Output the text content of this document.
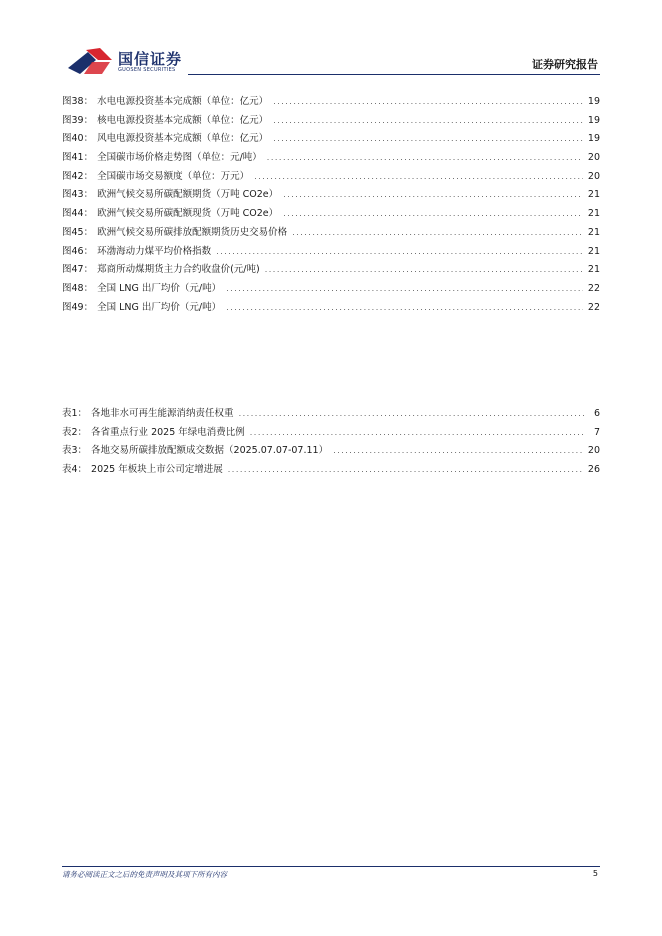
国信证券
GUOSEN SECURITIES	证券研究报告
图38： 水电电源投资基本完成额（单位：亿元） .....	19
图39： 核电电源投资基本完成额（单位：亿元） .....	19
图40： 风电电源投资基本完成额（单位：亿元） .....	19
图41： 全国碳市场价格走势图（单位：元/吨） .....	20
图42： 全国碳市场交易额度（单位：万元） .....	20
图43： 欧洲气候交易所碳配额期货（万吨 CO2e） .....	21
图44： 欧洲气候交易所碳配额现货（万吨 CO2e） .....	21
图45： 欧洲气候交易所碳排放配额期货历史交易价格 .....	21
图46： 环渤海动力煤平均价格指数 .....	21
图47： 郑商所动煤期货主力合约收盘价(元/吨) .....	21
图48： 全国 LNG 出厂均价（元/吨） .....	22
图49： 全国 LNG 出厂均价（元/吨） .....	22
表1： 各地非水可再生能源消纳责任权重 .....	6
表2： 各省重点行业 2025 年绿电消费比例 .....	7
表3： 各地交易所碳排放配额成交数据（2025.07.07-07.11） .....	20
表4： 2025 年板块上市公司定增进展 .....	26
请务必阅读正文之后的免责声明及其项下所有内容	5
